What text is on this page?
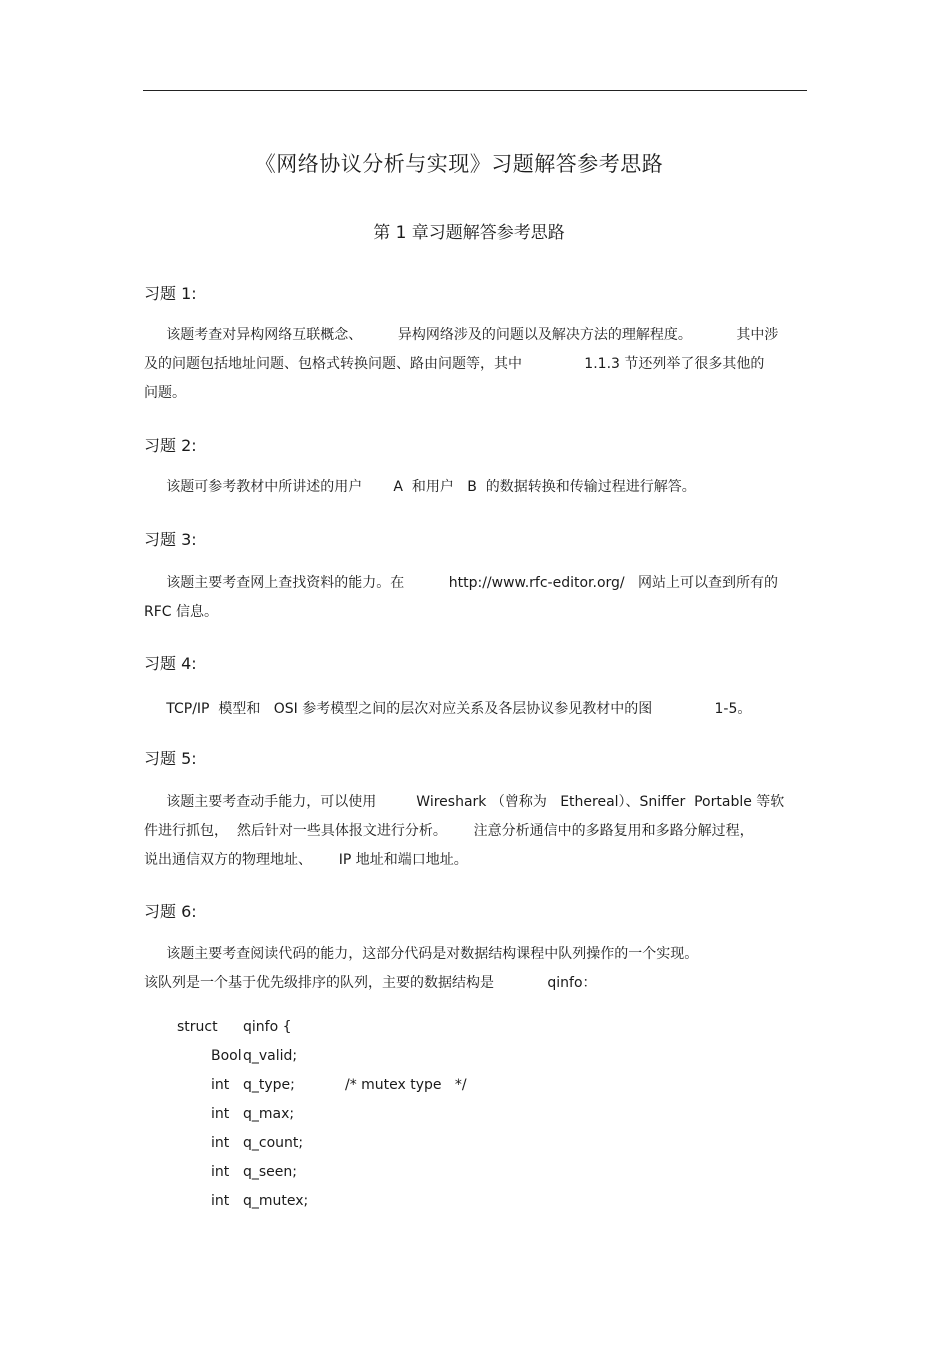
《网络协议分析与实现》习题解答参考思路
第 1 章习题解答参考思路
习题 1:
该题考查对异构网络互联概念、        异构网络涉及的问题以及解决方法的理解程度。          其中涉
及的问题包括地址问题、包格式转换问题、路由问题等，其中              1.1.3 节还列举了很多其他的
问题。
习题 2:
该题可参考教材中所讲述的用户       A  和用户   B  的数据转换和传输过程进行解答。
习题 3:
该题主要考查网上查找资料的能力。在          http://www.rfc-editor.org/   网站上可以查到所有的
RFC 信息。
习题 4:
TCP/IP  模型和   OSI 参考模型之间的层次对应关系及各层协议参见教材中的图              1-5。
习题 5:
该题主要考查动手能力，可以使用         Wireshark （曾称为   Ethereal）、Sniffer  Portable 等软
件进行抓包，  然后针对一些具体报文进行分析。      注意分析通信中的多路复用和多路分解过程，
说出通信双方的物理地址、      IP 地址和端口地址。
习题 6:
该题主要考查阅读代码的能力，这部分代码是对数据结构课程中队列操作的一个实现。
该队列是一个基于优先级排序的队列，主要的数据结构是            qinfo：
struct qinfo {
Bool q_valid;
int q_type;	/* mutex type   */
int q_max;
int q_count;
int q_seen;
int q_mutex;
